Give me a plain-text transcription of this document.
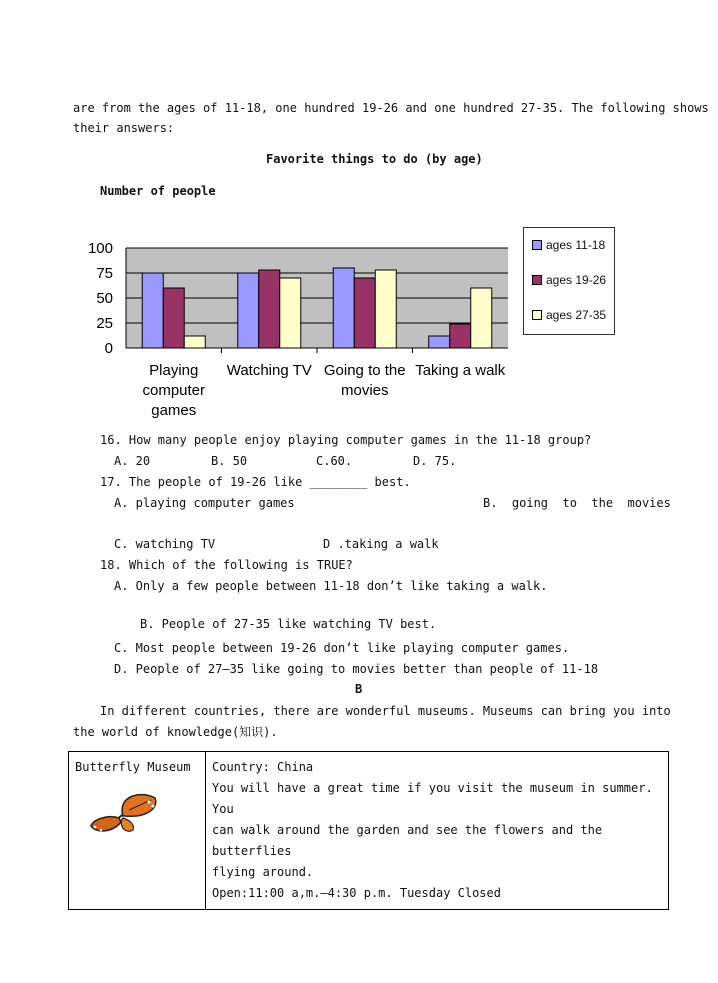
are from the ages of 11-18, one hundred 19-26 and one hundred 27-35. The following shows
their answers:
Favorite things to do (by age)
Number of people
100
75
50
25
0
Playing
computer
games
Watching TV Going to the
movies
Taking a walk
ages 11-18
ages 19-26
ages 27-35
16. How many people enjoy playing computer games in the 11-18 group?
A. 20	B. 50	C.60.	D. 75.
17. The people of 19-26 like ________ best.
A. playing computer games	B.  going  to  the  movies
C. watching TV	D .taking a walk
18. Which of the following is TRUE?
A. Only a few people between 11-18 don’t like taking a walk.
B. People of 27-35 like watching TV best.
C. Most people between 19-26 don’t like playing computer games.
D. People of 27—35 like going to movies better than people of 11-18
B
In different countries, there are wonderful museums. Museums can bring you into
the world of knowledge(知识).
Butterfly Museum	Country: China
You will have a great time if you visit the museum in summer. You
can walk around the garden and see the flowers and the butterflies
flying around.
Open:11:00 a,m.—4:30 p.m. Tuesday Closed
